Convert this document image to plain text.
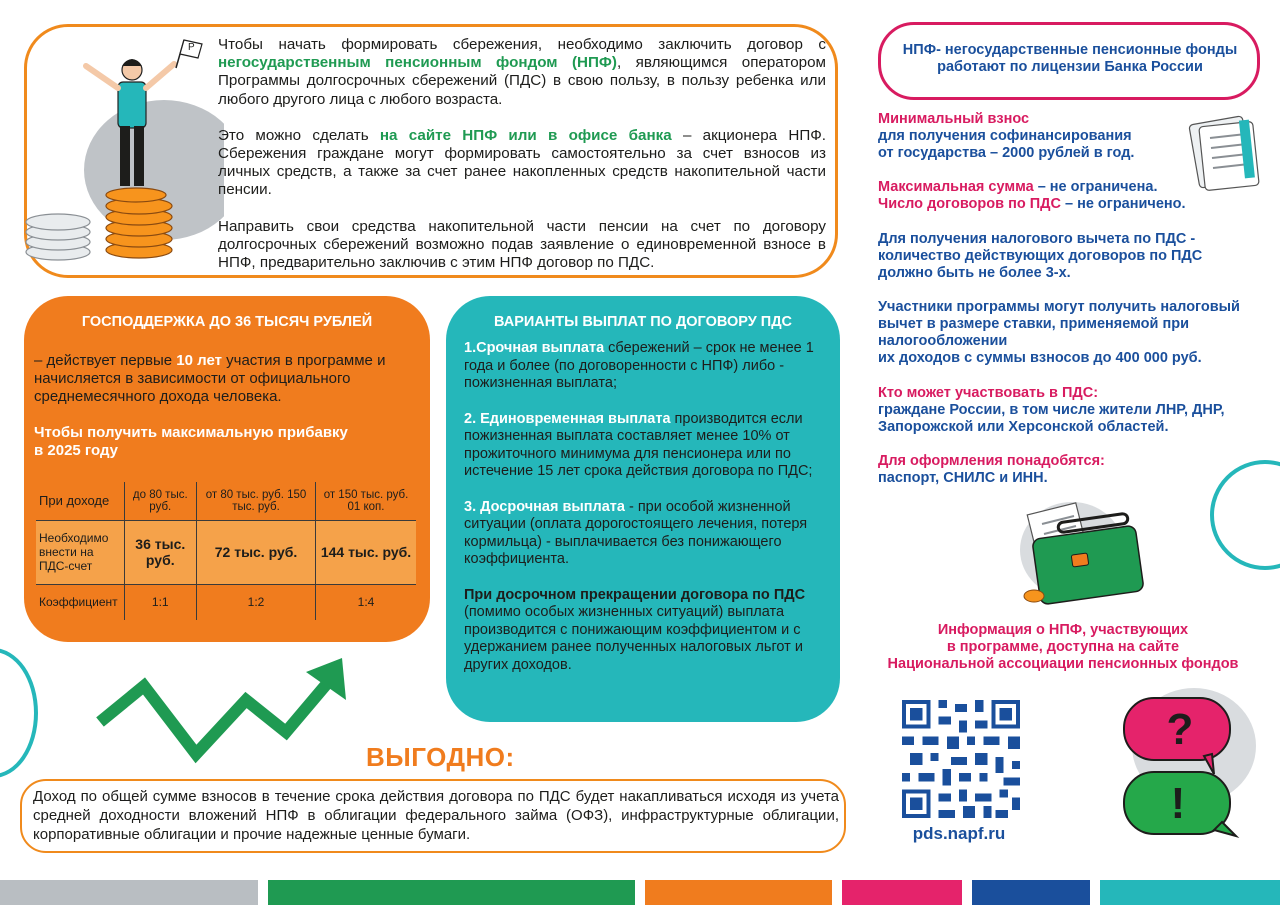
Р Чтобы начать формировать сбережения, необходимо заключить договор с негосударственным пенсионным фондом (НПФ), являющимся оператором Программы долгосрочных сбережений (ПДС) в свою пользу, в пользу ребенка или любого другого лица с любого возраста.

Это можно сделать на сайте НПФ или в офисе банка – акционера НПФ. Сбережения граждане могут формировать самостоятельно за счет взносов из личных средств, а также за счет ранее накопленных средств накопительной части пенсии.

Направить свои средства накопительной части пенсии на счет по договору долгосрочных сбережений возможно подав заявление о единовременной взносе в НПФ, предварительно заключив с этим НПФ договор по ПДС.

ГОСПОДДЕРЖКА ДО 36 ТЫСЯЧ РУБЛЕЙ
– действует первые 10 лет участия в программе и начисляется в зависимости от официального среднемесячного дохода человека.
Чтобы получить максимальную прибавку
в 2025 году
При доходе	до 80 тыс. руб.	от 80 тыс. руб. 150 тыс. руб.	от 150 тыс. руб. 01 коп.
Необходимо внести на ПДС-счет	36 тыс. руб.	72 тыс. руб.	144 тыс. руб.
Коэффициент	1:1	1:2	1:4
ВАРИАНТЫ ВЫПЛАТ ПО ДОГОВОРУ ПДС

1.Срочная выплата сбережений – срок не менее 1 года и более (по договоренности с НПФ) либо - пожизненная выплата;

2. Единовременная выплата производится если пожизненная выплата составляет менее 10% от прожиточного минимума для пенсионера или по истечение 15 лет срока действия договора по ПДС;

3. Досрочная выплата - при особой жизненной ситуации (оплата дорогостоящего лечения, потеря кормильца) - выплачивается без понижающего коэффициента.

При досрочном прекращении договора по ПДС (помимо особых жизненных ситуаций) выплата производится с понижающим коэффициентом и с удержанием ранее полученных налоговых льгот и других доходов.

ВЫГОДНО:
Доход по общей сумме взносов в течение срока действия договора по ПДС будет накапливаться исходя из учета средней доходности вложений НПФ в облигации федерального займа (ОФЗ), инфраструктурные облигации, корпоративные облигации и прочие надежные ценные бумаги.
НПФ- негосударственные пенсионные фонды
работают по лицензии Банка России
Минимальный взнос
для получения софинансирования
от государства – 2000 рублей в год.
Максимальная сумма – не ограничена.
Число договоров по ПДС – не ограничено.
Для получения налогового вычета по ПДС - количество действующих договоров по ПДС должно быть не более 3-х.
Участники программы могут получить налоговый вычет в размере ставки, применяемой при налогообложении
их доходов с суммы взносов до 400 000 руб.
Кто может участвовать в ПДС:
граждане России, в том числе жители ЛНР, ДНР, Запорожской или Херсонской областей.
Для оформления понадобятся:
паспорт, СНИЛС и ИНН.
Информация о НПФ, участвующих
в программе, доступна на сайте
Национальной ассоциации пенсионных фондов
pds.napf.ru
?
!
